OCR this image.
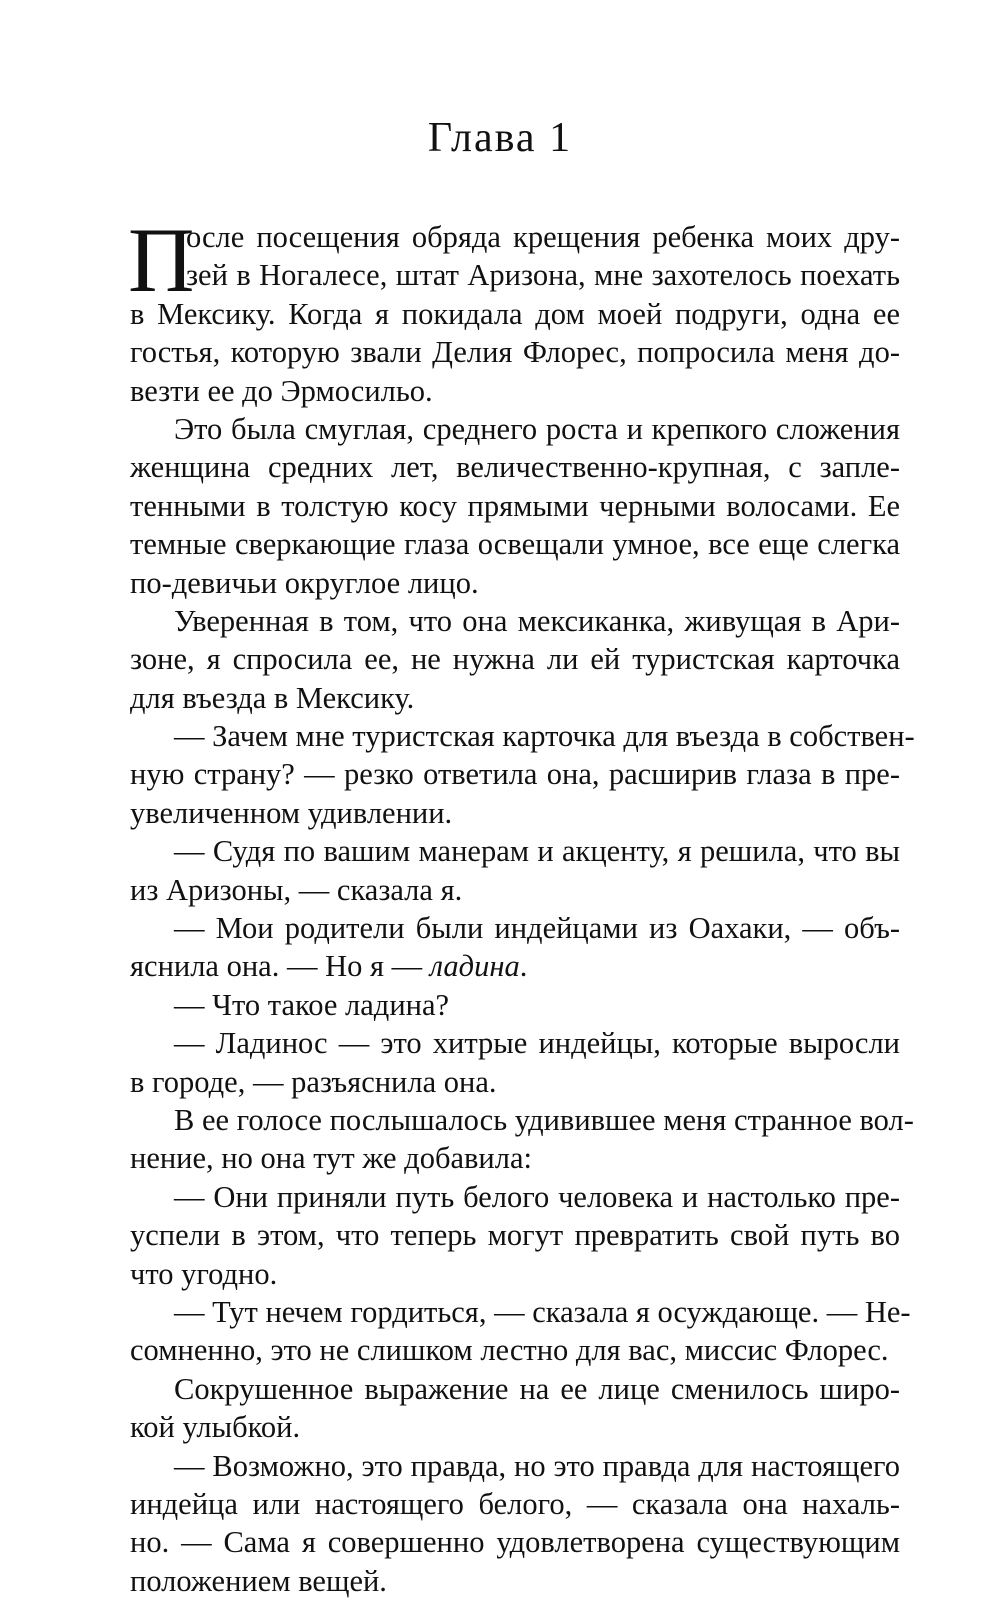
Глава 1
П
осле посещения обряда крещения ребенка моих дру-
зей в Ногалесе, штат Аризона, мне захотелось поехать
в Мексику. Когда я покидала дом моей подруги, одна ее
гостья, которую звали Делия Флорес, попросила меня до-
везти ее до Эрмосильо.
Это была смуглая, среднего роста и крепкого сложения
женщина средних лет, величественно-крупная, с запле-
тенными в толстую косу прямыми черными волосами. Ее
темные сверкающие глаза освещали умное, все еще слегка
по-девичьи округлое лицо.
Уверенная в том, что она мексиканка, живущая в Ари-
зоне, я спросила ее, не нужна ли ей туристская карточка
для въезда в Мексику.
— Зачем мне туристская карточка для въезда в собствен-
ную страну? — резко ответила она, расширив глаза в пре-
увеличенном удивлении.
— Судя по вашим манерам и акценту, я решила, что вы
из Аризоны, — сказала я.
— Мои родители были индейцами из Оахаки, — объ-
яснила она. — Но я — ладина.
— Что такое ладина?
— Ладинос — это хитрые индейцы, которые выросли
в городе, — разъяснила она.
В ее голосе послышалось удивившее меня странное вол-
нение, но она тут же добавила:
— Они приняли путь белого человека и настолько пре-
успели в этом, что теперь могут превратить свой путь во
что угодно.
— Тут нечем гордиться, — сказала я осуждающе. — Не-
сомненно, это не слишком лестно для вас, миссис Флорес.
Сокрушенное выражение на ее лице сменилось широ-
кой улыбкой.
— Возможно, это правда, но это правда для настоящего
индейца или настоящего белого, — сказала она нахаль-
но. — Сама я совершенно удовлетворена существующим
положением вещей.
